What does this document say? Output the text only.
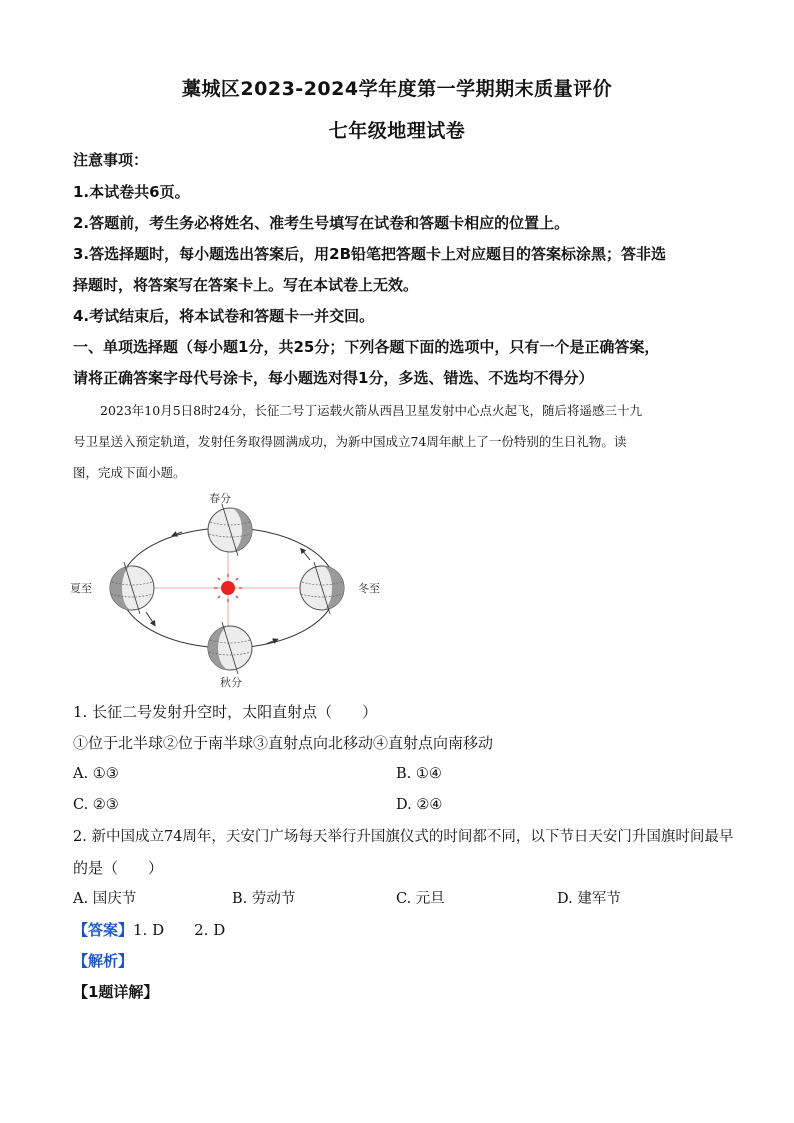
藁城区2023-2024学年度第一学期期末质量评价
七年级地理试卷
注意事项：
1.本试卷共6页。
2.答题前，考生务必将姓名、准考生号填写在试卷和答题卡相应的位置上。
3.答选择题时，每小题选出答案后，用2B铅笔把答题卡上对应题目的答案标涂黑；答非选
择题时，将答案写在答案卡上。写在本试卷上无效。
4.考试结束后，将本试卷和答题卡一并交回。
一、单项选择题（每小题1分，共25分；下列各题下面的选项中，只有一个是正确答案，
请将正确答案字母代号涂卡，每小题选对得1分，多选、错选、不选均不得分）
2023年10月5日8时24分，长征二号丁运载火箭从西昌卫星发射中心点火起飞，随后将遥感三十九
号卫星送入预定轨道，发射任务取得圆满成功，为新中国成立74周年献上了一份特别的生日礼物。读
图，完成下面小题。
春分
夏至	冬至
秋分
1. 长征二号发射升空时，太阳直射点（　　）
①位于北半球②位于南半球③直射点向北移动④直射点向南移动
A. ①③	B. ①④
C. ②③	D. ②④
2. 新中国成立74周年，天安门广场每天举行升国旗仪式的时间都不同，以下节日天安门升国旗时间最早
的是（　　）
A. 国庆节	B. 劳动节	C. 元旦	D. 建军节
【答案】1. D　　2. D
【解析】
【1题详解】
